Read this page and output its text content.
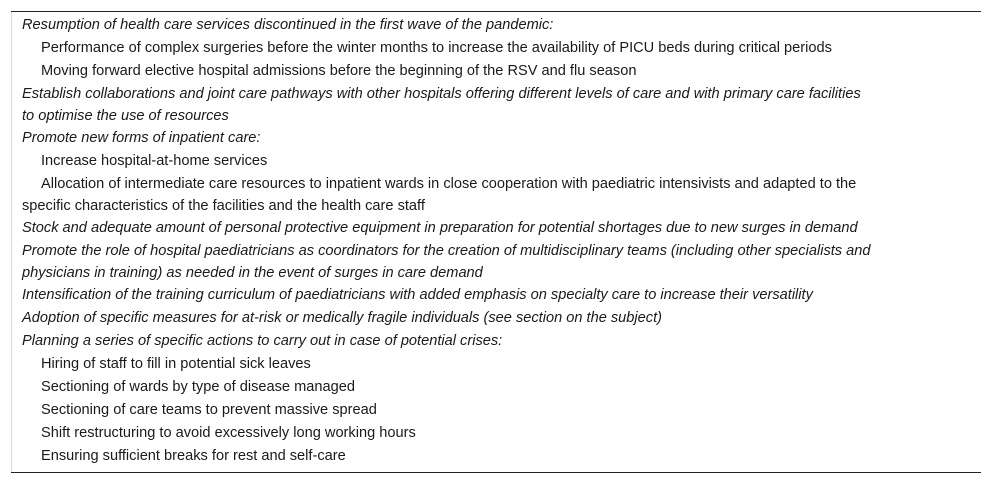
Resumption of health care services discontinued in the first wave of the pandemic:
Performance of complex surgeries before the winter months to increase the availability of PICU beds during critical periods
Moving forward elective hospital admissions before the beginning of the RSV and flu season
Establish collaborations and joint care pathways with other hospitals offering different levels of care and with primary care facilities
to optimise the use of resources
Promote new forms of inpatient care:
Increase hospital-at-home services
Allocation of intermediate care resources to inpatient wards in close cooperation with paediatric intensivists and adapted to the
specific characteristics of the facilities and the health care staff
Stock and adequate amount of personal protective equipment in preparation for potential shortages due to new surges in demand
Promote the role of hospital paediatricians as coordinators for the creation of multidisciplinary teams (including other specialists and
physicians in training) as needed in the event of surges in care demand
Intensification of the training curriculum of paediatricians with added emphasis on specialty care to increase their versatility
Adoption of specific measures for at-risk or medically fragile individuals (see section on the subject)
Planning a series of specific actions to carry out in case of potential crises:
Hiring of staff to fill in potential sick leaves
Sectioning of wards by type of disease managed
Sectioning of care teams to prevent massive spread
Shift restructuring to avoid excessively long working hours
Ensuring sufficient breaks for rest and self-care
